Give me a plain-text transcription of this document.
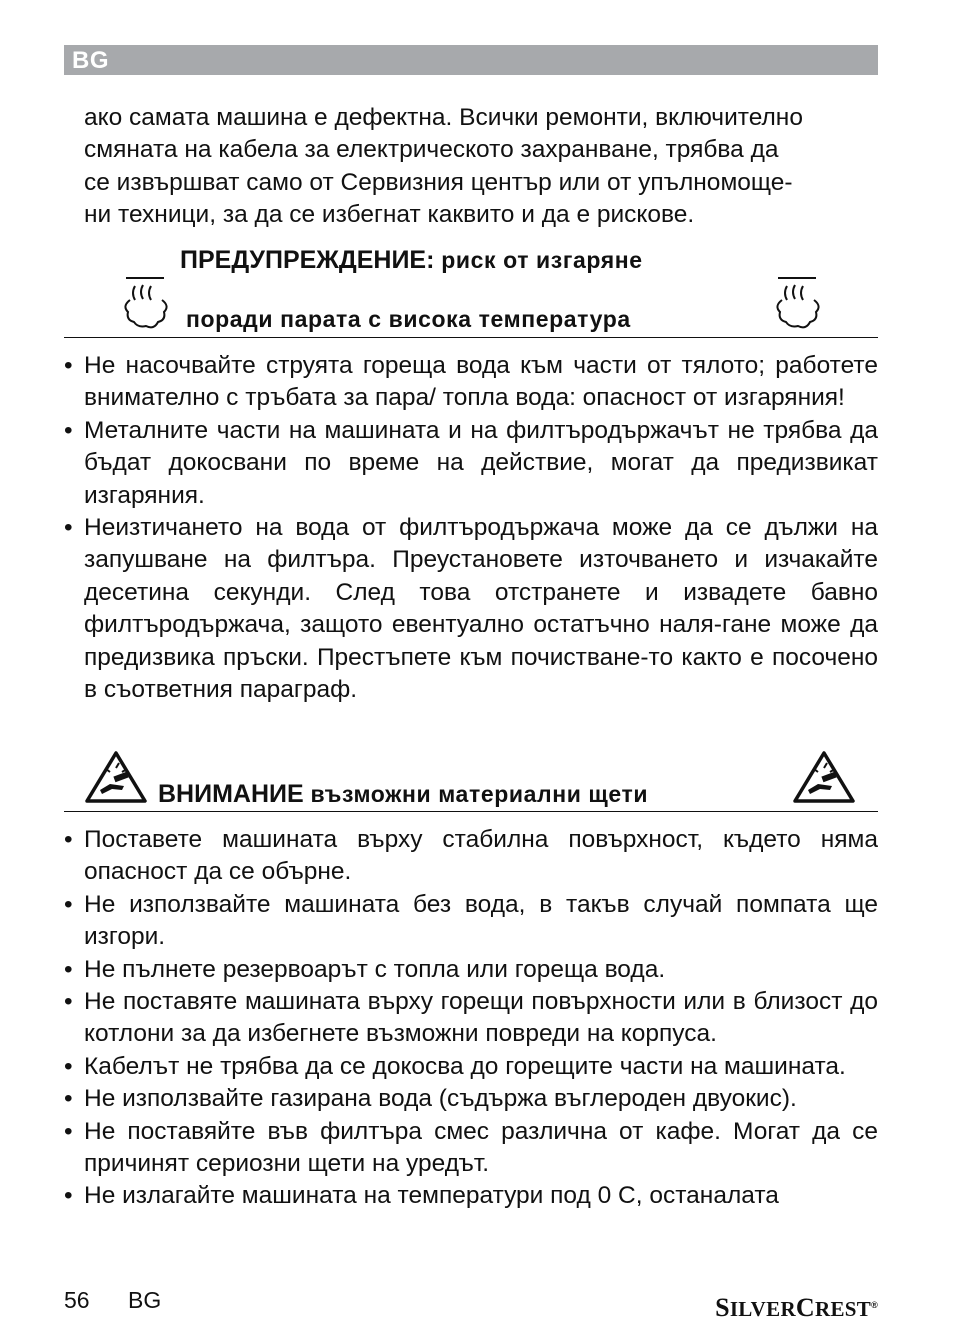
BG

ако самата машина е дефектна. Всички ремонти, включително

смяната на кабела за електрическото захранване, трябва да

се извършват само от Сервизния център или от упълномоще-

ни техници, за да се избегнат каквито и да е рискове.

ПРЕДУПРЕЖДЕНИЕ: риск от изгаряне
поради парата с висока температура
• Не насочвайте струята гореща вода към части от тялото; работете внимателно с тръбата за пара/ топла вода: опасност от изгаряния!
• Металните части на машината и на филтъродържачът не трябва да бъдат докосвани по време на действие, могат да предизвикат изгаряния.
• Неизтичането на вода от филтъродържача може да се дължи на запушване на филтъра. Преустановете източването и изчакайте десетина секунди. След това отстранете и извадете бавно филтъродържача, защото евентуално остатъчно наля-гане може да предизвика пръски. Престъпете към почистване-то както е посочено в съответния параграф.
ВНИМАНИЕ възможни материални щети
• Поставете машината върху стабилна повърхност, където няма опасност да се обърне.
• Не използвайте машината без вода, в такъв случай помпата ще изгори.
• Не пълнете резервоарът с топла или гореща вода.
• Не поставяте машината върху горещи повърхности или в близост до котлони за да избегнете възможни повреди на корпуса.
• Кабелът не трябва да се докосва до горещите части на машината.
• Не използвайте газирана вода (съдържа въглероден двуокис).
• Не поставяйте във филтъра смес различна от кафе. Могат да се причинят сериозни щети на уредът.
• Не излагайте машината на температури под 0 С, останалата
56 BG	SILVERCREST®
